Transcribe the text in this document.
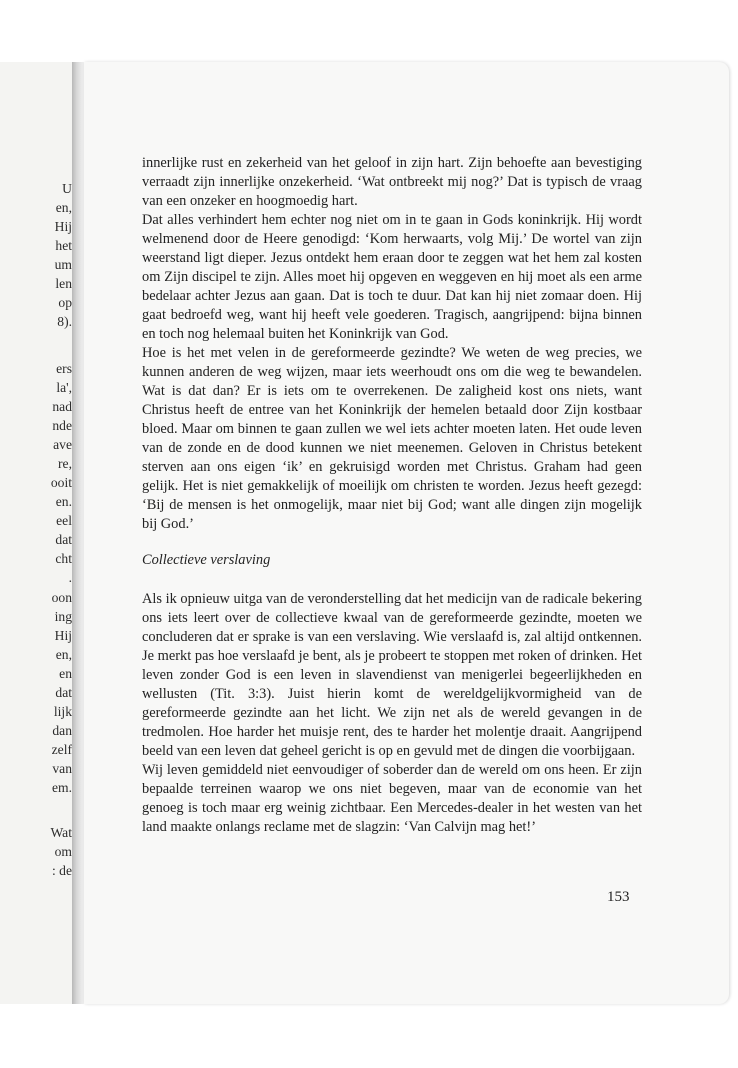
U
en,
Hij
het
um
len
op
8).
ers
la',
nad
nde
ave
re,
ooit
en.
eel
dat
cht
.
oon
ing
Hij
en,
en
dat
lijk
dan
zelf
van
em.
Wat
om
: de

innerlijke rust en zekerheid van het geloof in zijn hart. Zijn behoefte aan bevestiging verraadt zijn innerlijke onzekerheid. ‘Wat ontbreekt mij nog?’ Dat is typisch de vraag van een onzeker en hoogmoedig hart.

Dat alles verhindert hem echter nog niet om in te gaan in Gods koninkrijk. Hij wordt welmenend door de Heere genodigd: ‘Kom herwaarts, volg Mij.’ De wortel van zijn weerstand ligt dieper. Jezus ontdekt hem eraan door te zeggen wat het hem zal kosten om Zijn discipel te zijn. Alles moet hij opgeven en weggeven en hij moet als een arme bedelaar achter Jezus aan gaan. Dat is toch te duur. Dat kan hij niet zomaar doen. Hij gaat bedroefd weg, want hij heeft vele goederen. Tragisch, aangrijpend: bijna binnen en toch nog helemaal buiten het Koninkrijk van God.

Hoe is het met velen in de gereformeerde gezindte? We weten de weg precies, we kunnen anderen de weg wijzen, maar iets weerhoudt ons om die weg te bewandelen. Wat is dat dan? Er is iets om te overrekenen. De zaligheid kost ons niets, want Christus heeft de entree van het Koninkrijk der hemelen betaald door Zijn kostbaar bloed. Maar om binnen te gaan zullen we wel iets achter moeten laten. Het oude leven van de zonde en de dood kunnen we niet meenemen. Geloven in Christus betekent sterven aan ons eigen ‘ik’ en gekruisigd worden met Christus. Graham had geen gelijk. Het is niet gemakkelijk of moeilijk om christen te worden. Jezus heeft gezegd: ‘Bij de mensen is het onmogelijk, maar niet bij God; want alle dingen zijn mogelijk bij God.’

Collectieve verslaving

Als ik opnieuw uitga van de veronderstelling dat het medicijn van de radicale bekering ons iets leert over de collectieve kwaal van de gereformeerde gezindte, moeten we concluderen dat er sprake is van een verslaving. Wie verslaafd is, zal altijd ontkennen. Je merkt pas hoe verslaafd je bent, als je probeert te stoppen met roken of drinken. Het leven zonder God is een leven in slavendienst van menigerlei begeerlijkheden en wellusten (Tit. 3:3). Juist hierin komt de wereldgelijkvormigheid van de gereformeerde gezindte aan het licht. We zijn net als de wereld gevangen in de tredmolen. Hoe harder het muisje rent, des te harder het molentje draait. Aangrijpend beeld van een leven dat geheel gericht is op en gevuld met de dingen die voorbijgaan.

Wij leven gemiddeld niet eenvoudiger of soberder dan de wereld om ons heen. Er zijn bepaalde terreinen waarop we ons niet begeven, maar van de economie van het genoeg is toch maar erg weinig zichtbaar. Een Mercedes-dealer in het westen van het land maakte onlangs reclame met de slagzin: ‘Van Calvijn mag het!’

153
